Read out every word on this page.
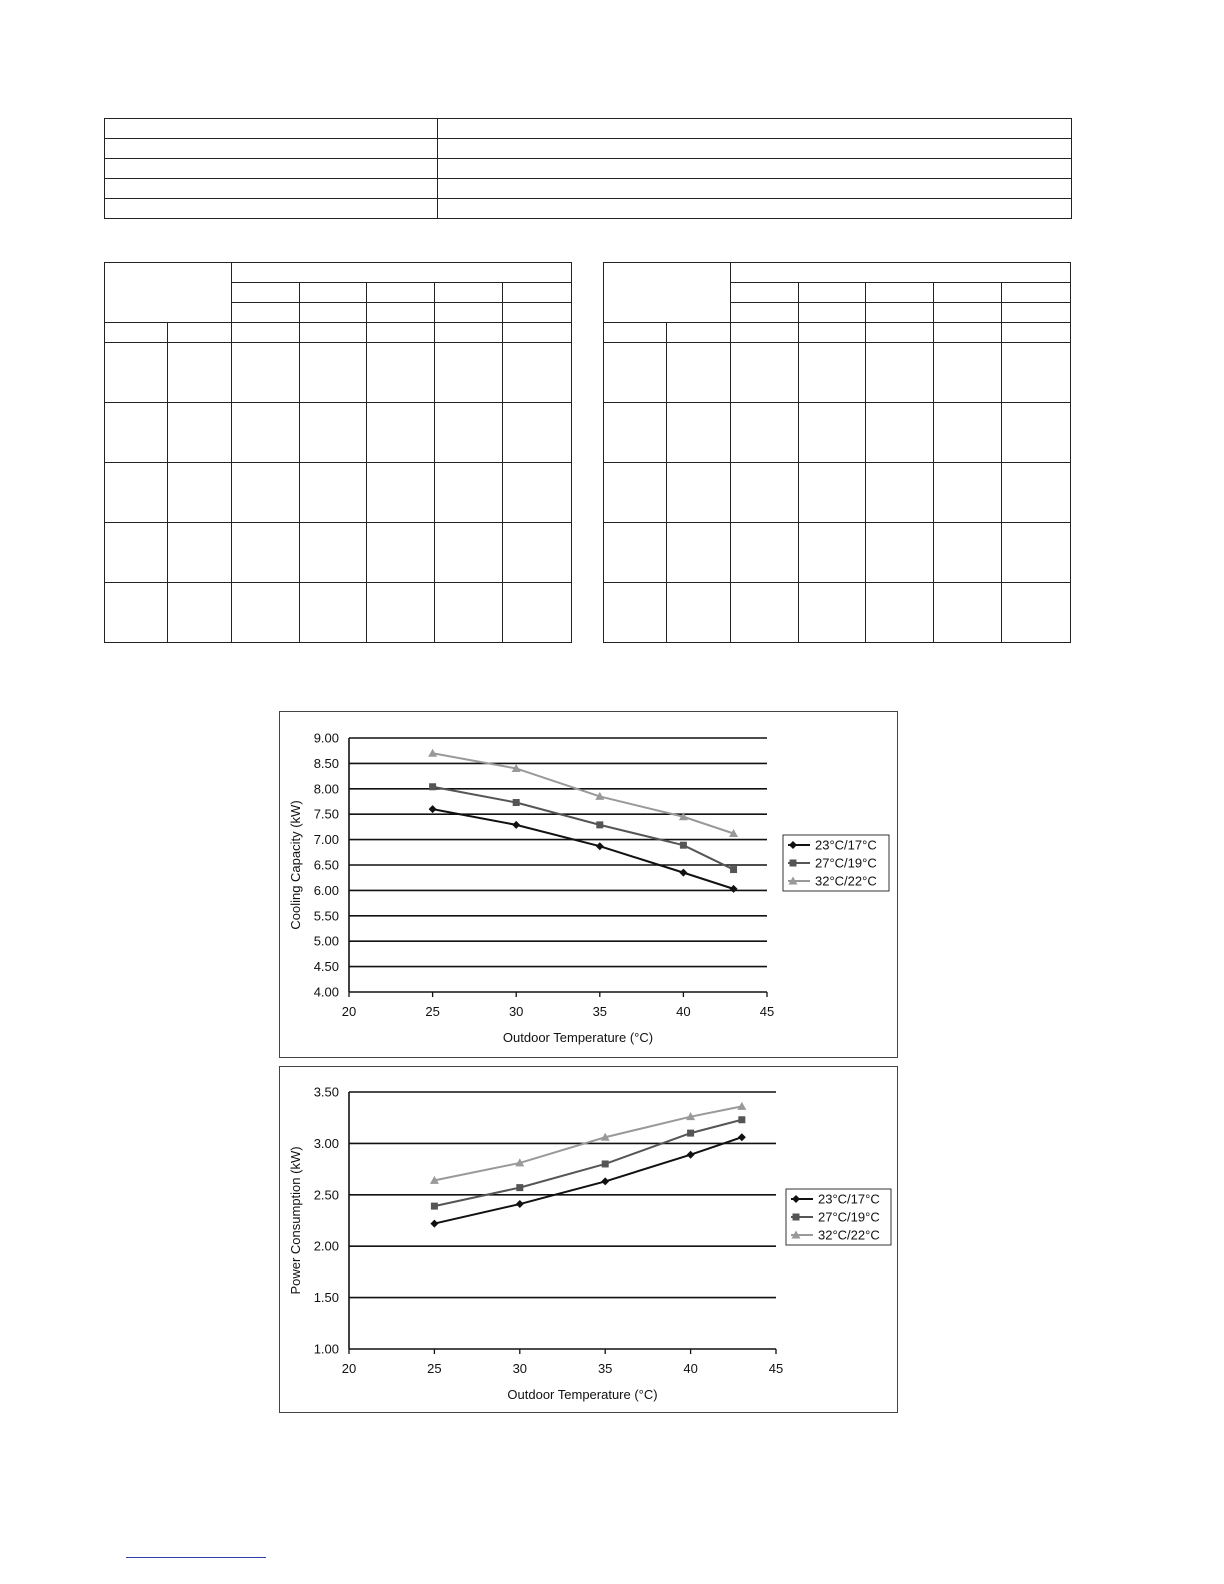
9.00
8.50
8.00
7.50
7.00
6.50
6.00
5.50
5.00
4.50
4.00
20	25	30	35	40	45
Outdoor Temperature (°C)
Cooling Capacity (kW)	23°C/17°C
27°C/19°C
32°C/22°C
3.50
3.00
2.50
2.00
1.50
1.00
20	25	30	35	40	45
Outdoor Temperature (°C)
Power Consumption (kW)	23°C/17°C
27°C/19°C
32°C/22°C
